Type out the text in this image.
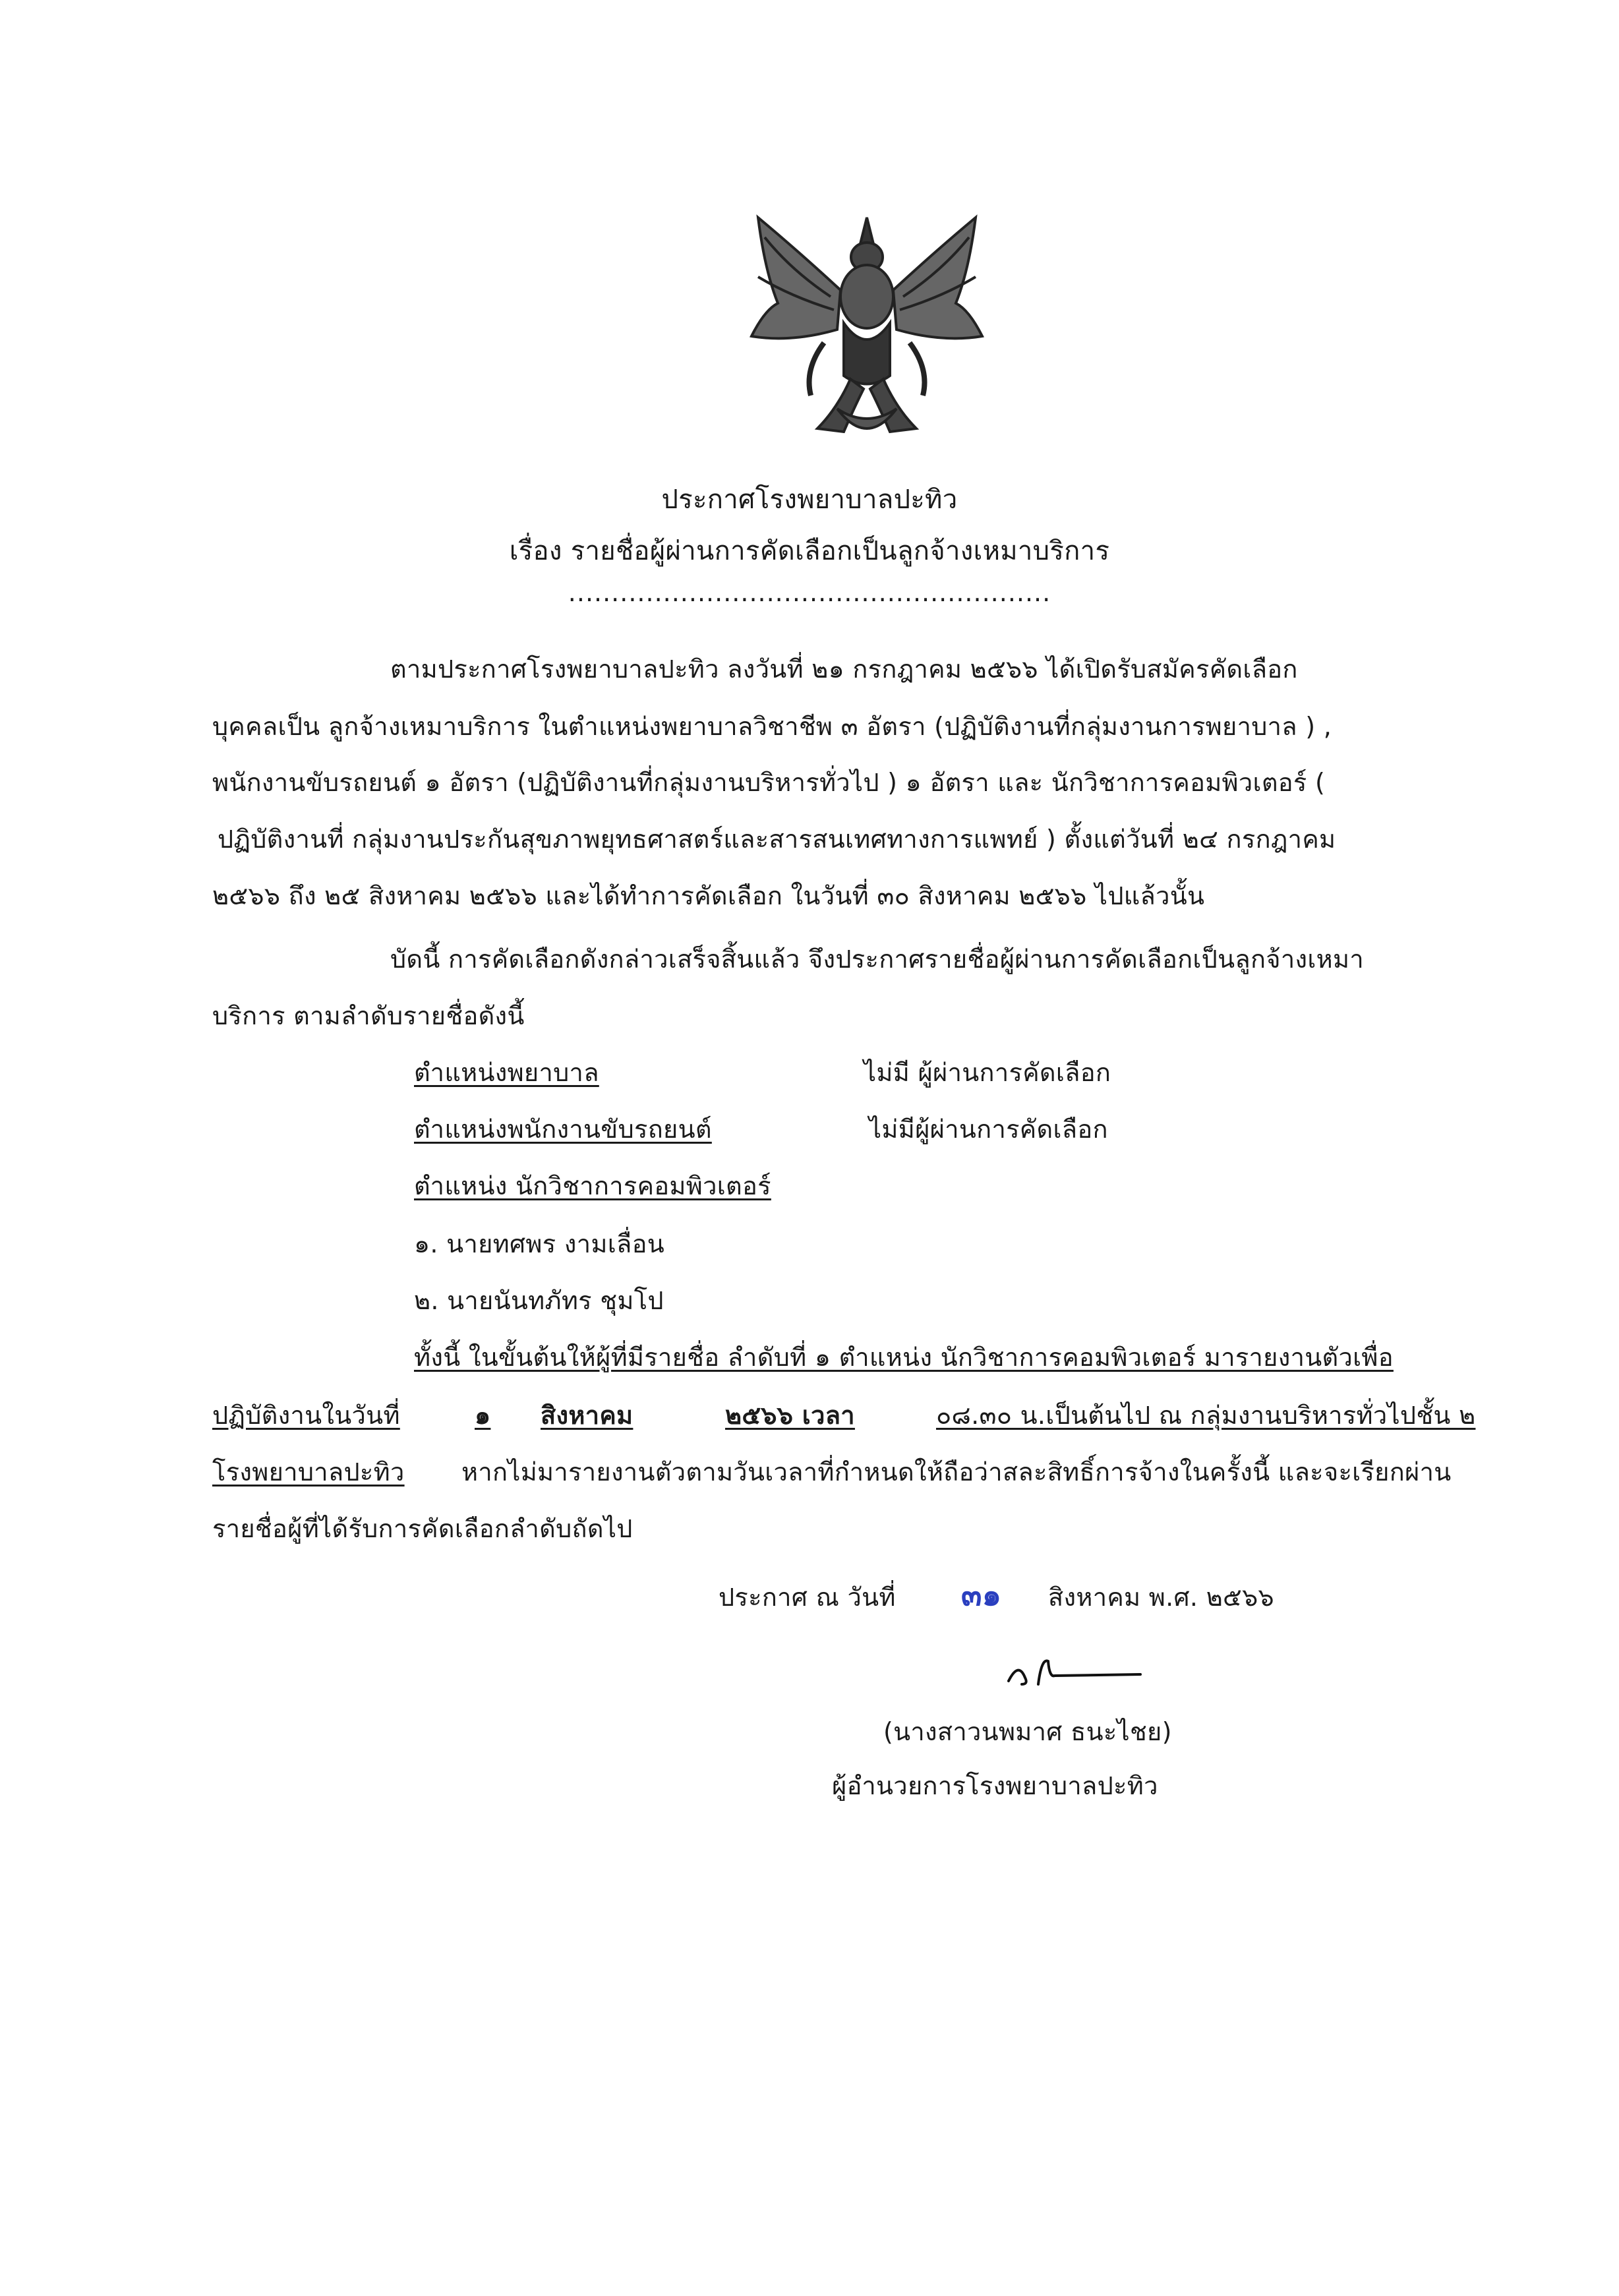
ประกาศโรงพยาบาลปะทิว
เรื่อง รายชื่อผู้ผ่านการคัดเลือกเป็นลูกจ้างเหมาบริการ
........................................................
ตามประกาศโรงพยาบาลปะทิว ลงวันที่ ๒๑ กรกฎาคม ๒๕๖๖ ได้เปิดรับสมัครคัดเลือก
บุคคลเป็น ลูกจ้างเหมาบริการ ในตำแหน่งพยาบาลวิชาชีพ ๓ อัตรา (ปฏิบัติงานที่กลุ่มงานการพยาบาล ) ,
พนักงานขับรถยนต์ ๑ อัตรา (ปฏิบัติงานที่กลุ่มงานบริหารทั่วไป ) ๑ อัตรา และ นักวิชาการคอมพิวเตอร์ (
ปฏิบัติงานที่ กลุ่มงานประกันสุขภาพยุทธศาสตร์และสารสนเทศทางการแพทย์ ) ตั้งแต่วันที่ ๒๔ กรกฎาคม
๒๕๖๖ ถึง ๒๕ สิงหาคม ๒๕๖๖ และได้ทำการคัดเลือก ในวันที่ ๓๐ สิงหาคม ๒๕๖๖ ไปแล้วนั้น
บัดนี้ การคัดเลือกดังกล่าวเสร็จสิ้นแล้ว จึงประกาศรายชื่อผู้ผ่านการคัดเลือกเป็นลูกจ้างเหมา
บริการ ตามลำดับรายชื่อดังนี้
ตำแหน่งพยาบาล	ไม่มี ผู้ผ่านการคัดเลือก
ตำแหน่งพนักงานขับรถยนต์	ไม่มีผู้ผ่านการคัดเลือก
ตำแหน่ง นักวิชาการคอมพิวเตอร์
๑. นายทศพร งามเลื่อน
๒. นายนันทภัทร ชุมโป
ทั้งนี้ ในขั้นต้นให้ผู้ที่มีรายชื่อ ลำดับที่ ๑ ตำแหน่ง นักวิชาการคอมพิวเตอร์ มารายงานตัวเพื่อ
ปฏิบัติงานในวันที่	๑ สิงหาคม	๒๕๖๖ เวลา	๐๘.๓๐ น.เป็นต้นไป ณ กลุ่มงานบริหารทั่วไปชั้น ๒
โรงพยาบาลปะทิว หากไม่มารายงานตัวตามวันเวลาที่กำหนดให้ถือว่าสละสิทธิ์การจ้างในครั้งนี้ และจะเรียกผ่าน
รายชื่อผู้ที่ได้รับการคัดเลือกลำดับถัดไป
ประกาศ ณ วันที่ ๓๑ สิงหาคม พ.ศ. ๒๕๖๖
(นางสาวนพมาศ ธนะไชย)
ผู้อำนวยการโรงพยาบาลปะทิว
